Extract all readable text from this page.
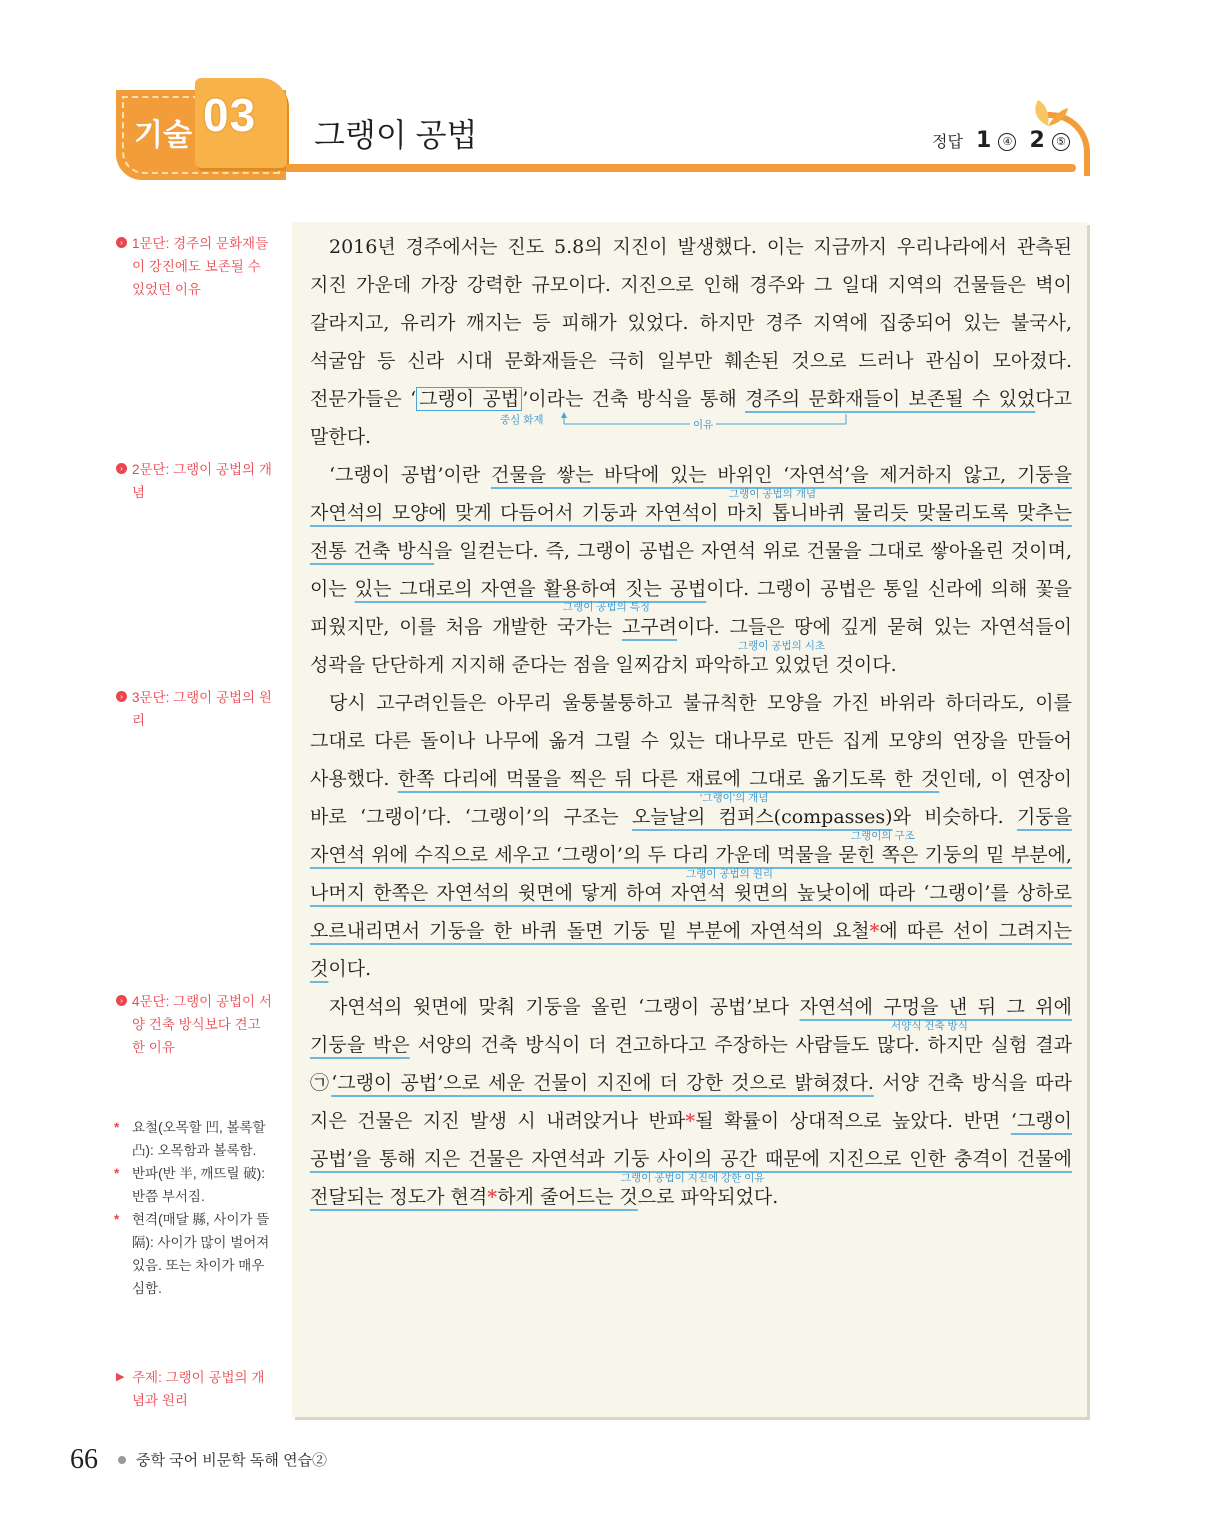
기술 03 그랭이 공법	정답 1 ④ 2 ⑤
› 1문단: 경주의 문화재들이 강진에도 보존될 수 있었던 이유
› 2문단: 그랭이 공법의 개념
› 3문단: 그랭이 공법의 원리
› 4문단: 그랭이 공법이 서양 건축 방식보다 견고한 이유
* 요철(오목할 凹, 볼록할 凸): 오목함과 볼록함.
* 반파(반 半, 깨뜨릴 破): 반쯤 부서짐.
* 현격(매달 縣, 사이가 뜰 隔): 사이가 많이 벌어져 있음. 또는 차이가 매우 심함.
▶ 주제: 그랭이 공법의 개념과 원리

2016년 경주에서는 진도 5.8의 지진이 발생했다. 이는 지금까지 우리나라에서 관측된 지진 가운데 가장 강력한 규모이다. 지진으로 인해 경주와 그 일대 지역의 건물들은 벽이 갈라지고, 유리가 깨지는 등 피해가 있었다. 하지만 경주 지역에 집중되어 있는 불국사, 석굴암 등 신라 시대 문화재들은 극히 일부만 훼손된 것으로 드러나 관심이 모아졌다. 전문가들은 ‘ 그랭이 공법 ’이라는 건축 방식을 통해 경주의 문화재들이 보존될 수 있었다고 말한다.

‘그랭이 공법’이란 건물을 쌓는 바닥에 있는 바위인 ‘자연석’을 제거하지 않고, 기둥을 자연석의 모양에 맞게 다듬어서 기둥과 자연석이 마치 톱니바퀴 물리듯 맞물리도록 맞추는 전통 건축 방식을 일컫는다. 즉, 그랭이 공법은 자연석 위로 건물을 그대로 쌓아올린 것이며, 이는 있는 그대로의 자연을 활용하여 짓는 공법이다. 그랭이 공법은 통일 신라에 의해 꽃을 피웠지만, 이를 처음 개발한 국가는 고구려이다. 그들은 땅에 깊게 묻혀 있는 자연석들이 성곽을 단단하게 지지해 준다는 점을 일찌감치 파악하고 있었던 것이다.

당시 고구려인들은 아무리 울퉁불퉁하고 불규칙한 모양을 가진 바위라 하더라도, 이를 그대로 다른 돌이나 나무에 옮겨 그릴 수 있는 대나무로 만든 집게 모양의 연장을 만들어 사용했다. 한쪽 다리에 먹물을 찍은 뒤 다른 재료에 그대로 옮기도록 한 것인데, 이 연장이 바로 ‘그랭이’다. ‘그랭이’의 구조는 오늘날의 컴퍼스(compasses)와 비슷하다. 기둥을 자연석 위에 수직으로 세우고 ‘그랭이’의 두 다리 가운데 먹물을 묻힌 쪽은 기둥의 밑 부분에, 나머지 한쪽은 자연석의 윗면에 닿게 하여 자연석 윗면의 높낮이에 따라 ‘그랭이’를 상하로 오르내리면서 기둥을 한 바퀴 돌면 기둥 밑 부분에 자연석의 요철*에 따른 선이 그려지는 것이다.

자연석의 윗면에 맞춰 기둥을 올린 ‘그랭이 공법’보다 자연석에 구멍을 낸 뒤 그 위에 기둥을 박은 서양의 건축 방식이 더 견고하다고 주장하는 사람들도 많다. 하지만 실험 결과 ㉠‘그랭이 공법’으로 세운 건물이 지진에 더 강한 것으로 밝혀졌다. 서양 건축 방식을 따라 지은 건물은 지진 발생 시 내려앉거나 반파*될 확률이 상대적으로 높았다. 반면 ‘그랭이 공법’을 통해 지은 건물은 자연석과 기둥 사이의 공간 때문에 지진으로 인한 충격이 건물에 전달되는 정도가 현격*하게 줄어드는 것으로 파악되었다.

중심 화제	이유
그랭이 공법의 개념
그랭이 공법의 특징
그랭이 공법의 시초
‘그랭이’의 개념
그랭이의 구조
그랭이 공법의 원리
서양식 건축 방식
그랭이 공법이 지진에 강한 이유
66	중학 국어 비문학 독해 연습②
